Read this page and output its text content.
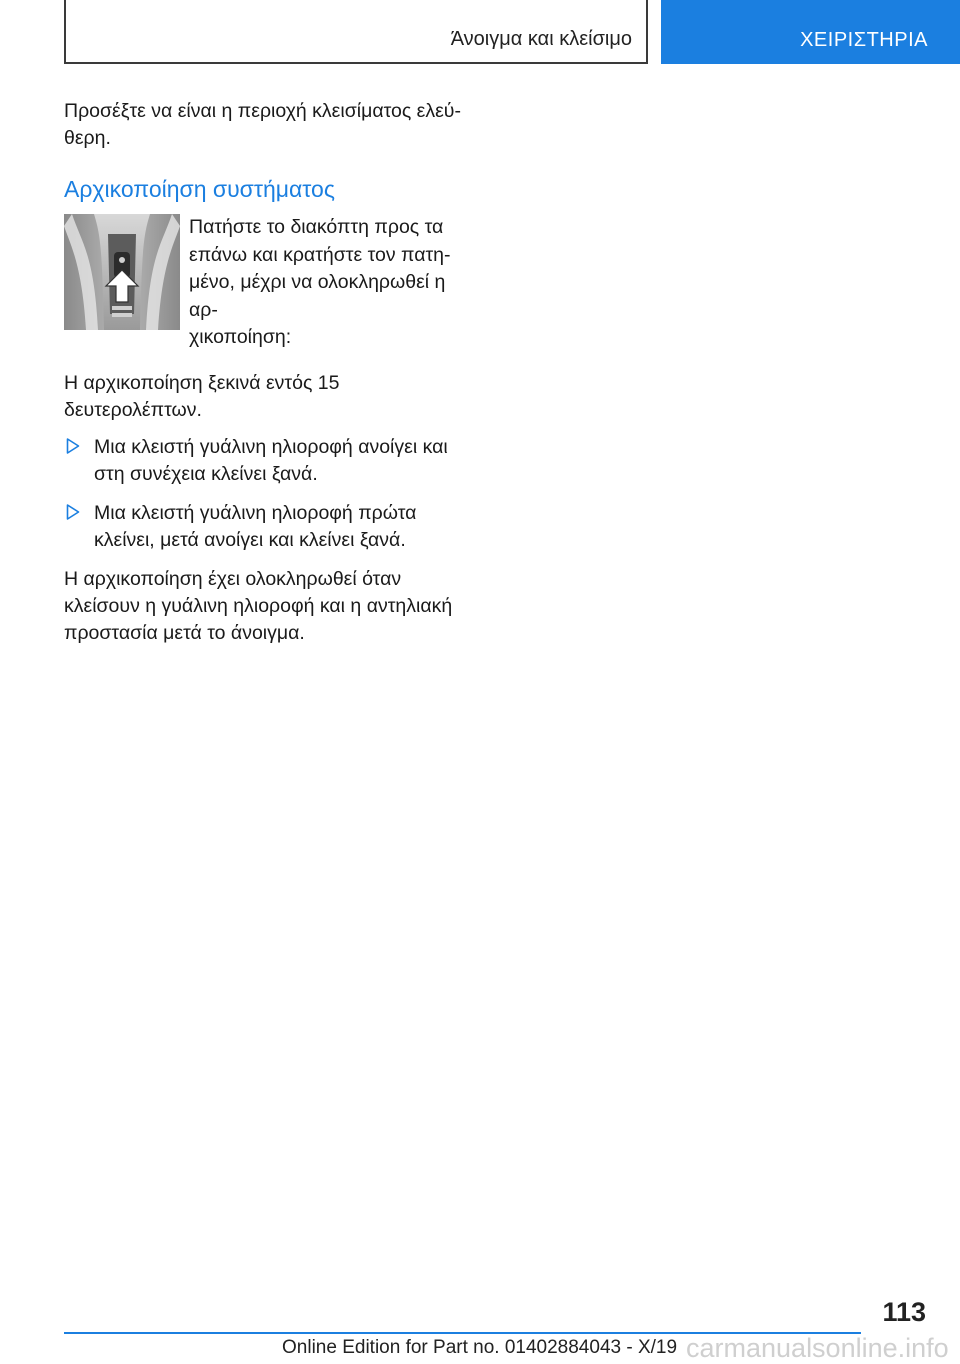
Άνοιγμα και κλείσιμο	ΧΕΙΡΙΣΤΗΡΙΑ

Προσέξτε να είναι η περιοχή κλεισίματος ελεύ-θερη.

Αρχικοποίηση συστήματος

Πατήστε το διακόπτη προς τα

επάνω και κρατήστε τον πατη-

μένο, μέχρι να ολοκληρωθεί η αρ-

χικοποίηση:

Η αρχικοποίηση ξεκινά εντός 15 δευτερολέπτων.

Μια κλειστή γυάλινη ηλιοροφή ανοίγει και στη συνέχεια κλείνει ξανά.

Μια κλειστή γυάλινη ηλιοροφή πρώτα κλείνει, μετά ανοίγει και κλείνει ξανά.

Η αρχικοποίηση έχει ολοκληρωθεί όταν κλείσουν η γυάλινη ηλιοροφή και η αντηλιακή προστασία μετά το άνοιγμα.

113
Online Edition for Part no. 01402884043 - X/19 carmanualsonline.info
